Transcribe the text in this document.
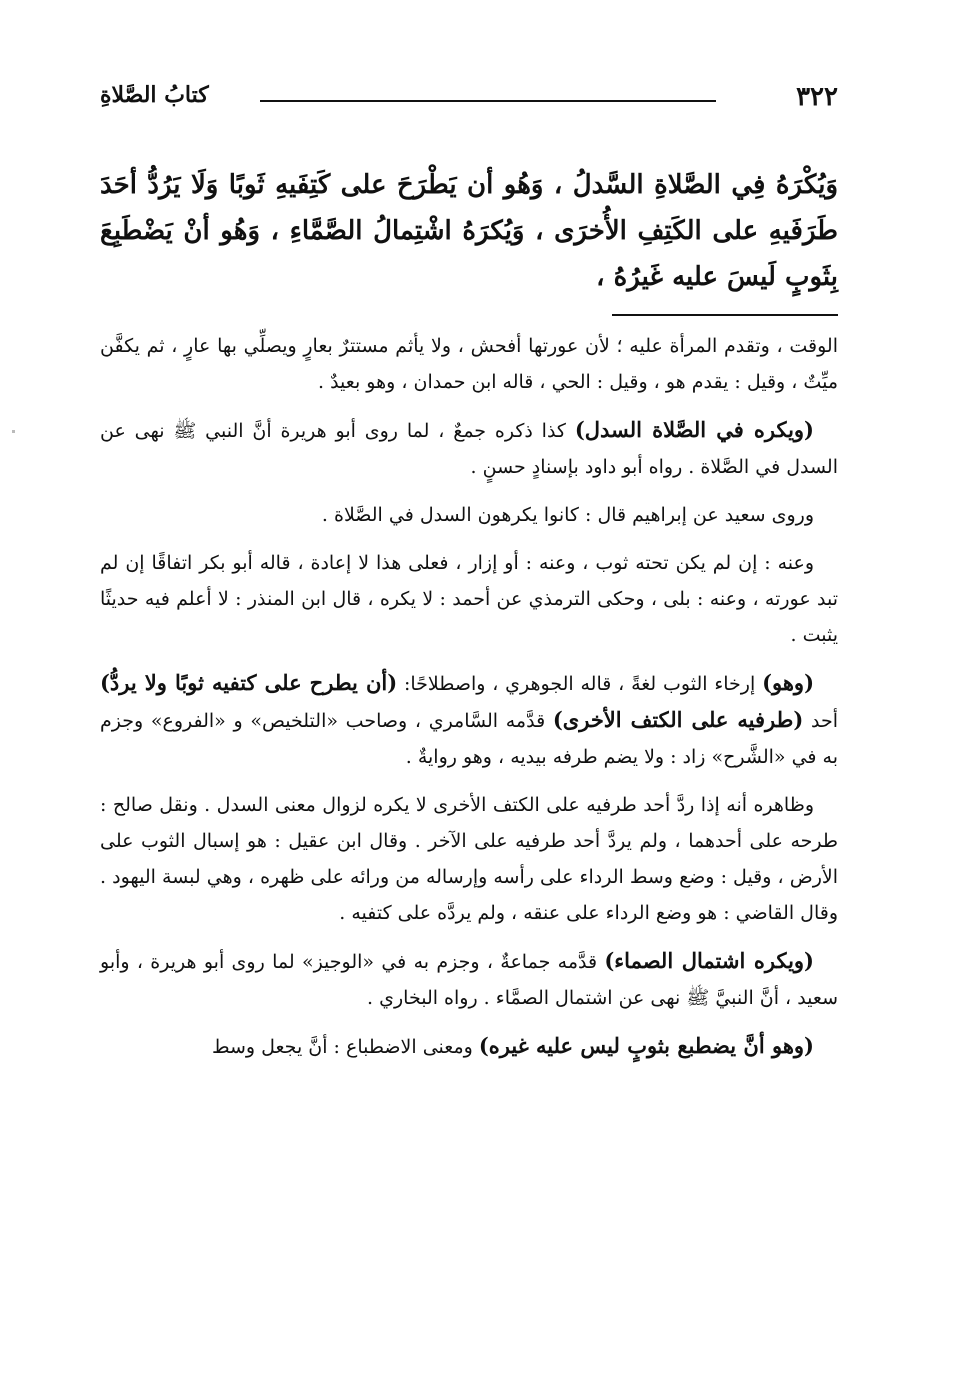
٣٢٢
كتابُ الصَّلاةِ
وَيُكْرَهُ فِي الصَّلاةِ السَّدلُ ، وَهُو أن يَطْرَحَ على كَتِفَيهِ ثَوبًا وَلَا يَرُدُّ أحَدَ طَرَفَيهِ على الكَتِفِ الأُخرَى ، وَيُكرَهُ اشْتِمالُ الصَّمَّاءِ ، وَهُو أنْ يَضْطَبِعَ بِثَوبٍ لَيسَ عليه غَيرُهُ ،

الوقت ، وتقدم المرأة عليه ؛ لأن عورتها أفحش ، ولا يأثم مستترٌ بعارٍ ويصلِّي بها عارٍ ، ثم يكفَّن ميِّتٌ ، وقيل : يقدم هو ، وقيل : الحي ، قاله ابن حمدان ، وهو بعيدٌ .

(ويكره في الصَّلاة السدل) كذا ذكره جمعٌ ، لما روى أبو هريرة أنَّ النبي ﷺ نهى عن السدل في الصَّلاة . رواه أبو داود بإسنادٍ حسنٍ .

وروى سعيد عن إبراهيم قال : كانوا يكرهون السدل في الصَّلاة .

وعنه : إن لم يكن تحته ثوب ، وعنه : أو إزار ، فعلى هذا لا إعادة ، قاله أبو بكر اتفاقًا إن لم تبد عورته ، وعنه : بلى ، وحكى الترمذي عن أحمد : لا يكره ، قال ابن المنذر : لا أعلم فيه حديثًا يثبت .

(وهو) إرخاء الثوب لغةً ، قاله الجوهري ، واصطلاحًا: (أن يطرح على كتفيه ثوبًا ولا يردُّ) أحد (طرفيه على الكتف الأخرى) قدَّمه السَّامري ، وصاحب «التلخيص» و «الفروع» وجزم به في «الشَّرح» زاد : ولا يضم طرفه بيديه ، وهو روايةٌ .

وظاهره أنه إذا ردَّ أحد طرفيه على الكتف الأخرى لا يكره لزوال معنى السدل . ونقل صالح : طرحه على أحدهما ، ولم يردَّ أحد طرفيه على الآخر . وقال ابن عقيل : هو إسبال الثوب على الأرض ، وقيل : وضع وسط الرداء على رأسه وإرساله من ورائه على ظهره ، وهي لبسة اليهود . وقال القاضي : هو وضع الرداء على عنقه ، ولم يردَّه على كتفيه .

(ويكره اشتمال الصماء) قدَّمه جماعةٌ ، وجزم به في «الوجيز» لما روى أبو هريرة ، وأبو سعيد ، أنَّ النبيَّ ﷺ نهى عن اشتمال الصمَّاء . رواه البخاري .

(وهو أنَّ يضطبع بثوبٍ ليس عليه غيره) ومعنى الاضطباع : أنَّ يجعل وسط
